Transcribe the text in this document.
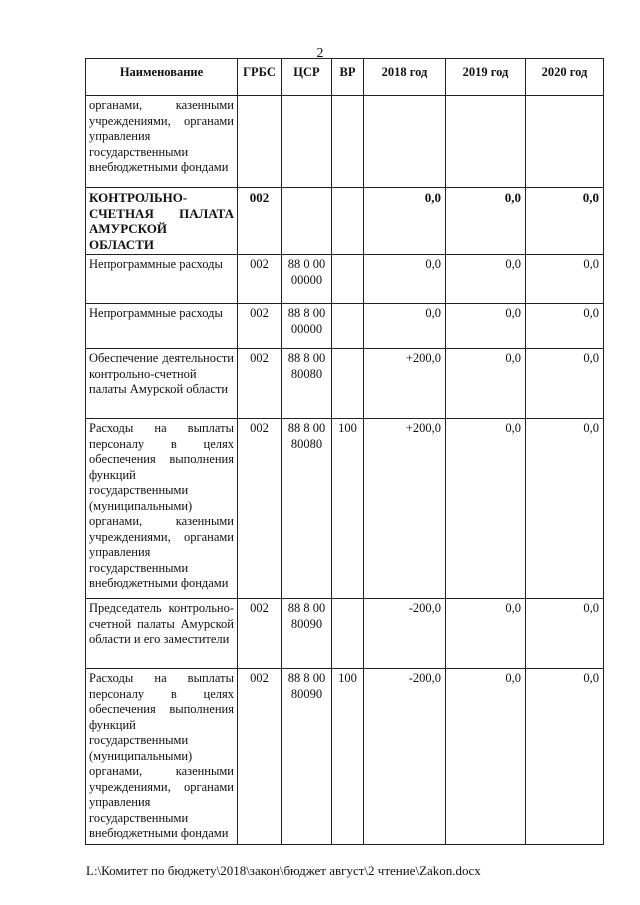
2
Наименование	ГРБС	ЦСР	ВР	2018 год	2019 год	2020 год
органами, казенными учреждениями, органами управления государственными внебюджетными фондами						
КОНТРОЛЬНО-СЧЕТНАЯ ПАЛАТА АМУРСКОЙ ОБЛАСТИ	002			0,0	0,0	0,0
Непрограммные расходы	002	88 0 00 00000		0,0	0,0	0,0
Непрограммные расходы	002	88 8 00 00000		0,0	0,0	0,0
Обеспечение деятельности контрольно-счетной палаты Амурской области	002	88 8 00 80080		+200,0	0,0	0,0
Расходы на выплаты персоналу в целях обеспечения выполнения функций государственными (муниципальными) органами, казенными учреждениями, органами управления государственными внебюджетными фондами	002	88 8 00 80080	100	+200,0	0,0	0,0
Председатель контрольно-счетной палаты Амурской области и его заместители	002	88 8 00 80090		-200,0	0,0	0,0
Расходы на выплаты персоналу в целях обеспечения выполнения функций государственными (муниципальными) органами, казенными учреждениями, органами управления государственными внебюджетными фондами	002	88 8 00 80090	100	-200,0	0,0	0,0
L:\Комитет по бюджету\2018\закон\бюджет август\2 чтение\Zakon.docx
